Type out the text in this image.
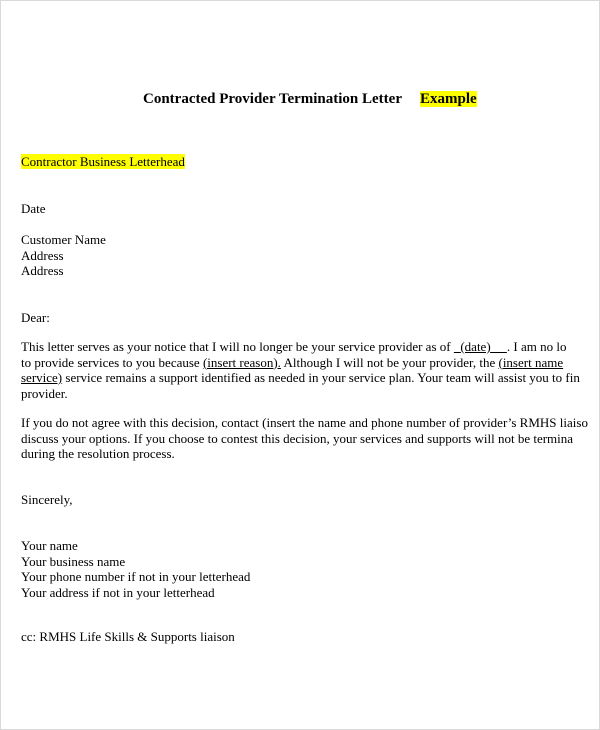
Contracted Provider Termination Letter Example
Contractor Business Letterhead
Date
Customer Name
Address
Address
Dear:
This letter serves as your notice that I will no longer be your service provider as of   (date) . I am no lo
to provide services to you because (insert reason). Although I will not be your provider, the (insert name
service) service remains a support identified as needed in your service plan. Your team will assist you to fin
provider.
If you do not agree with this decision, contact (insert the name and phone number of provider’s RMHS liaiso
discuss your options. If you choose to contest this decision, your services and supports will not be termina
during the resolution process.
Sincerely,
Your name
Your business name
Your phone number if not in your letterhead
Your address if not in your letterhead
cc: RMHS Life Skills & Supports liaison
